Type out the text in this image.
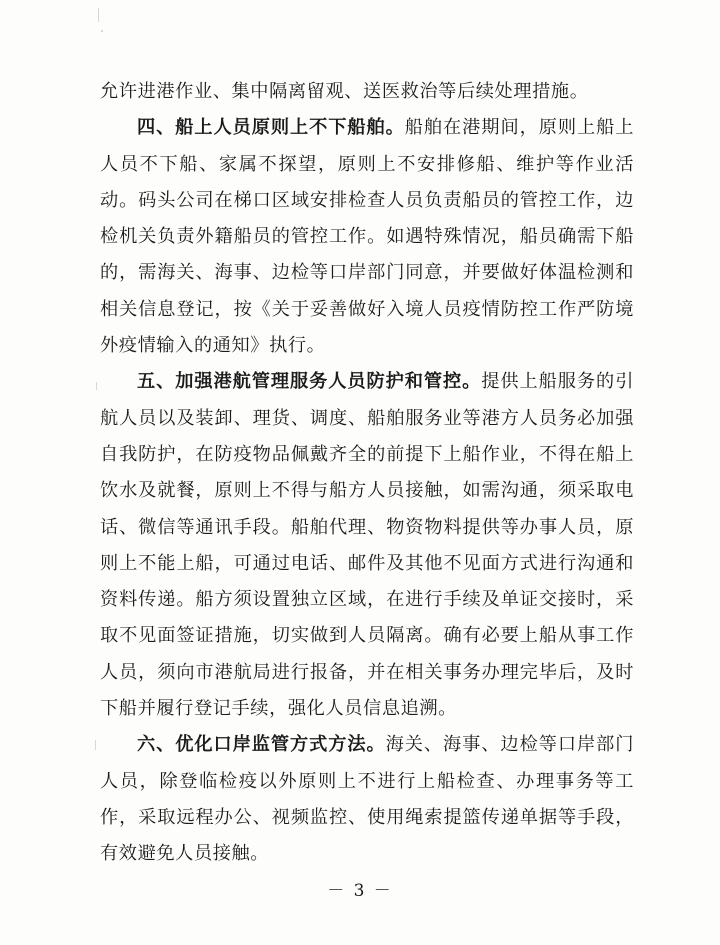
允许进港作业、集中隔离留观、送医救治等后续处理措施。

四、船上人员原则上不下船舶。船舶在港期间，原则上船上人员不下船、家属不探望，原则上不安排修船、维护等作业活动。码头公司在梯口区域安排检查人员负责船员的管控工作，边检机关负责外籍船员的管控工作。如遇特殊情况，船员确需下船的，需海关、海事、边检等口岸部门同意，并要做好体温检测和相关信息登记，按《关于妥善做好入境人员疫情防控工作严防境外疫情输入的通知》执行。

五、加强港航管理服务人员防护和管控。提供上船服务的引航人员以及装卸、理货、调度、船舶服务业等港方人员务必加强自我防护，在防疫物品佩戴齐全的前提下上船作业，不得在船上饮水及就餐，原则上不得与船方人员接触，如需沟通，须采取电话、微信等通讯手段。船舶代理、物资物料提供等办事人员，原则上不能上船，可通过电话、邮件及其他不见面方式进行沟通和资料传递。船方须设置独立区域，在进行手续及单证交接时，采取不见面签证措施，切实做到人员隔离。确有必要上船从事工作人员，须向市港航局进行报备，并在相关事务办理完毕后，及时下船并履行登记手续，强化人员信息追溯。

六、优化口岸监管方式方法。海关、海事、边检等口岸部门人员，除登临检疫以外原则上不进行上船检查、办理事务等工作，采取远程办公、视频监控、使用绳索提篮传递单据等手段，有效避免人员接触。

－ 3 －
